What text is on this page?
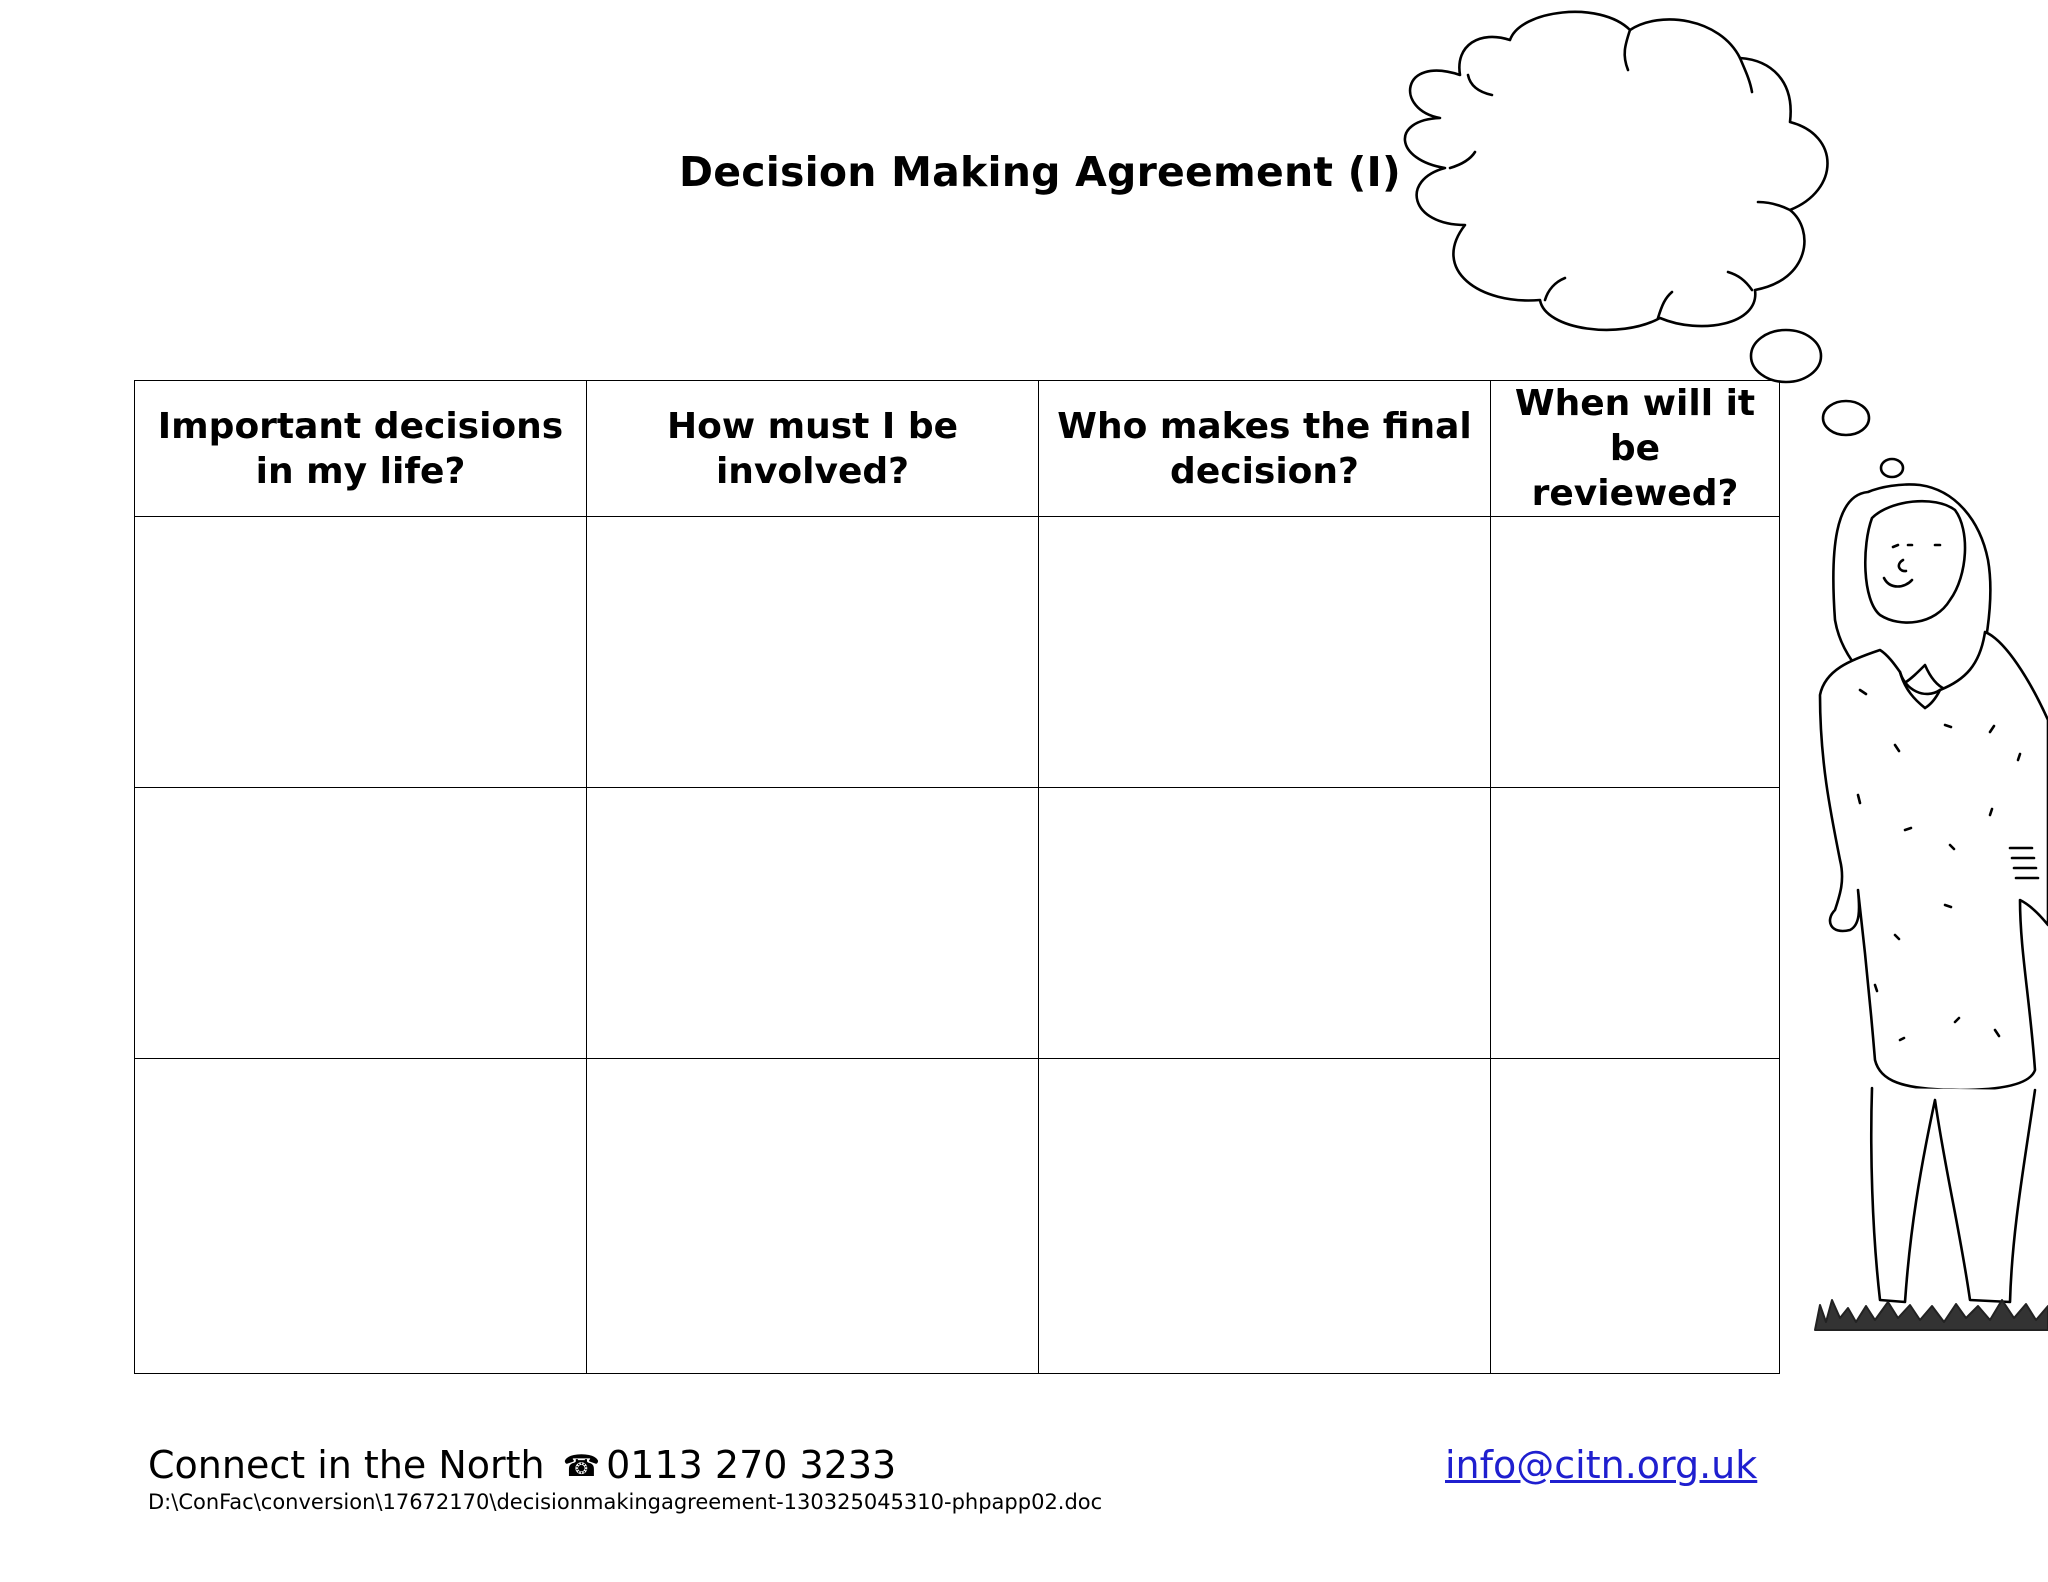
Decision Making Agreement (I)
Important decisions in my life?	How must I be involved?	Who makes the final decision?	When will it be reviewed?

Connect in the North ☎ 0113 270 3233	info@citn.org.uk
D:\ConFac\conversion\17672170\decisionmakingagreement-130325045310-phpapp02.doc
